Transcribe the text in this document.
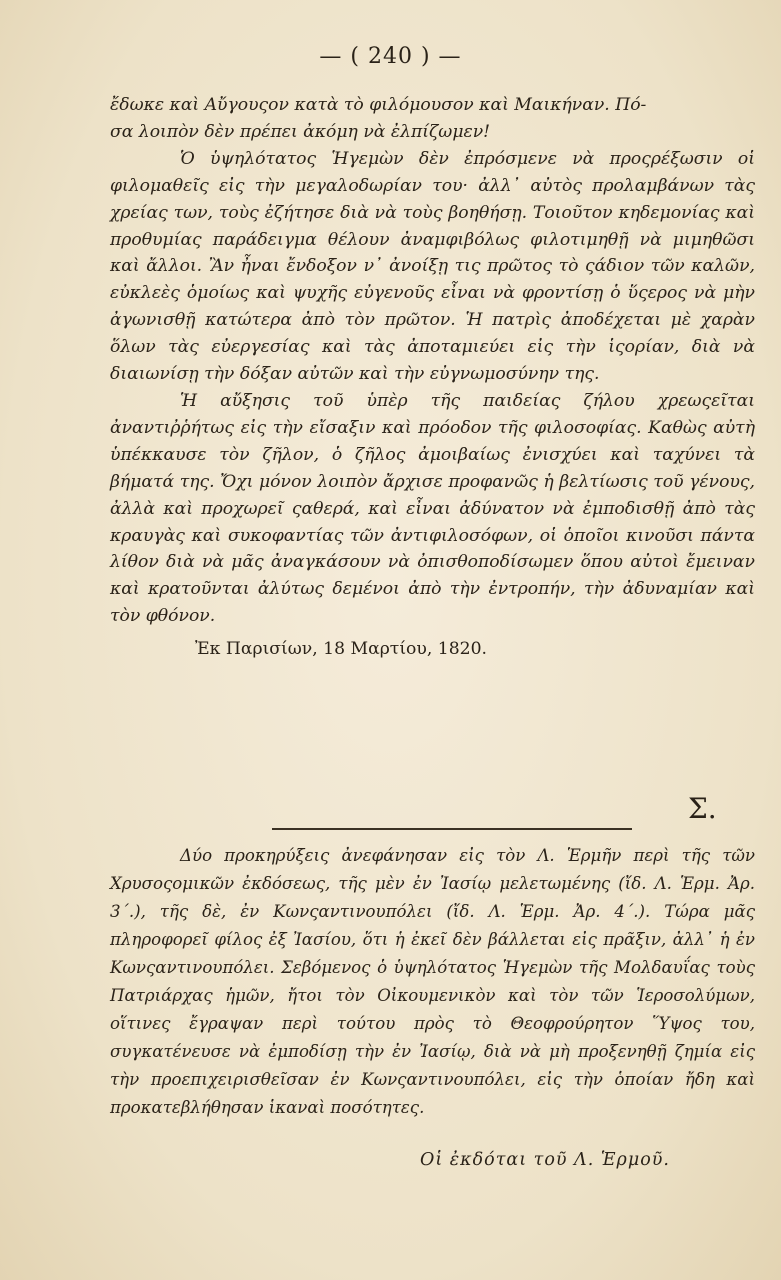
— ( 240 ) —

ἔδωκε καὶ Αὔγουςον κατὰ τὸ φιλόμουσον καὶ Μαικήναν. Πό-

σα λοιπὸν δὲν πρέπει ἀκόμη νὰ ἐλπίζωμεν!

Ὁ ὑψηλότατος Ἡγεμὼν δὲν ἐπρόσμενε νὰ προςρέξωσιν οἱ φιλομαθεῖς εἰς τὴν μεγαλοδωρίαν του· ἀλλ᾽ αὐτὸς προλαμβάνων τὰς χρείας των, τοὺς ἐζήτησε διὰ νὰ τοὺς βοηθήσῃ. Τοιοῦτον κηδεμονίας καὶ προθυμίας παράδειγμα θέλουν ἀναμφιβόλως φιλοτιμηθῇ νὰ μιμηθῶσι καὶ ἄλλοι. Ἂν ἦναι ἔνδοξον ν᾽ ἀνοίξῃ τις πρῶτος τὸ ςάδιον τῶν καλῶν, εὐκλεὲς ὁμοίως καὶ ψυχῆς εὐγενοῦς εἶναι νὰ φροντίσῃ ὁ ὕςερος νὰ μὴν ἀγωνισθῇ κατώτερα ἀπὸ τὸν πρῶτον. Ἡ πατρὶς ἀποδέχεται μὲ χαρὰν ὅλων τὰς εὐεργεσίας καὶ τὰς ἀποταμιεύει εἰς τὴν ἱςορίαν, διὰ νὰ διαιωνίσῃ τὴν δόξαν αὐτῶν καὶ τὴν εὐγνωμοσύνην της.

Ἡ αὔξησις τοῦ ὑπὲρ τῆς παιδείας ζήλου χρεωςεῖται ἀναντιῤῥήτως εἰς τὴν εἴσαξιν καὶ πρόοδον τῆς φιλοσοφίας. Καθὼς αὐτὴ ὑπέκκαυσε τὸν ζῆλον, ὁ ζῆλος ἀμοιβαίως ἐνισχύει καὶ ταχύνει τὰ βήματά της. Ὄχι μόνον λοιπὸν ἄρχισε προφανῶς ἡ βελτίωσις τοῦ γένους, ἀλλὰ καὶ προχωρεῖ ςαθερά, καὶ εἶναι ἀδύνατον νὰ ἐμποδισθῇ ἀπὸ τὰς κραυγὰς καὶ συκοφαντίας τῶν ἀντιφιλοσόφων, οἱ ὁποῖοι κινοῦσι πάντα λίθον διὰ νὰ μᾶς ἀναγκάσουν νὰ ὀπισθοποδίσωμεν ὅπου αὐτοὶ ἔμειναν καὶ κρατοῦνται ἀλύτως δεμένοι ἀπὸ τὴν ἐντροπήν, τὴν ἀδυναμίαν καὶ τὸν φθόνον.

Ἐκ Παρισίων, 18 Μαρτίου, 1820.

Σ.

Δύο προκηρύξεις ἀνεφάνησαν εἰς τὸν Λ. Ἑρμῆν περὶ τῆς τῶν Χρυσοςομικῶν ἐκδόσεως, τῆς μὲν ἐν Ἰασίῳ μελετωμένης (ἴδ. Λ. Ἑρμ. Ἀρ. 3΄.), τῆς δὲ, ἐν Κωνςαντινουπόλει (ἴδ. Λ. Ἑρμ. Ἀρ. 4΄.). Τώρα μᾶς πληροφορεῖ φίλος ἐξ Ἰασίου, ὅτι ἡ ἐκεῖ δὲν βάλλεται εἰς πρᾶξιν, ἀλλ᾽ ἡ ἐν Κωνςαντινουπόλει. Σεβόμενος ὁ ὑψηλότατος Ἡγεμὼν τῆς Μολδαυΐας τοὺς Πατριάρχας ἡμῶν, ἤτοι τὸν Οἰκουμενικὸν καὶ τὸν τῶν Ἱεροσολύμων, οἵτινες ἔγραψαν περὶ τούτου πρὸς τὸ Θεοφρούρητον Ὕψος του, συγκατένευσε νὰ ἐμποδίσῃ τὴν ἐν Ἰασίῳ, διὰ νὰ μὴ προξενηθῇ ζημία εἰς τὴν προεπιχειρισθεῖσαν ἐν Κωνςαντινουπόλει, εἰς τὴν ὁποίαν ἤδη καὶ προκατεβλήθησαν ἱκαναὶ ποσότητες.

Οἱ ἐκδόται τοῦ Λ. Ἑρμοῦ.
